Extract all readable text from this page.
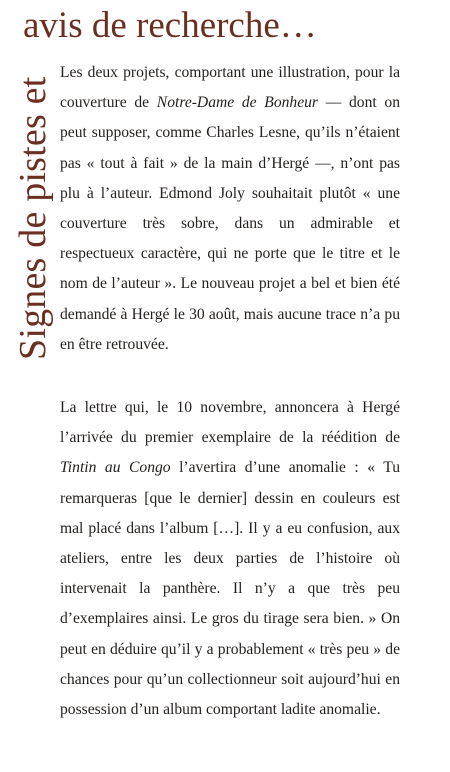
avis de recherche…
Signes de pistes et

Les deux projets, comportant une illustration, pour la couverture de Notre-Dame de Bonheur — dont on peut supposer, comme Charles Lesne, qu’ils n’étaient pas « tout à fait » de la main d’Hergé —, n’ont pas plu à l’auteur. Edmond Joly souhaitait plutôt « une couverture très sobre, dans un admirable et respectueux caractère, qui ne porte que le titre et le nom de l’auteur ». Le nouveau projet a bel et bien été demandé à Hergé le 30 août, mais aucune trace n’a pu en être retrouvée.

La lettre qui, le 10 novembre, annoncera à Hergé l’arrivée du premier exemplaire de la réédition de Tintin au Congo l’avertira d’une anomalie : « Tu remarqueras [que le dernier] dessin en couleurs est mal placé dans l’album […]. Il y a eu confusion, aux ateliers, entre les deux parties de l’histoire où intervenait la panthère. Il n’y a que très peu d’exemplaires ainsi. Le gros du tirage sera bien. » On peut en déduire qu’il y a probablement « très peu » de chances pour qu’un collectionneur soit aujourd’hui en possession d’un album comportant ladite anomalie.
